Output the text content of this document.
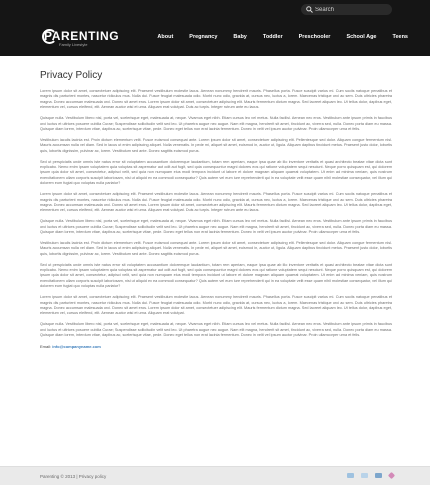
Search
PARENTING
Family Livestyle
About	Pregnancy	Baby	Toddler	Preschooler	School Age	Teens
Privacy Policy

Lorem ipsum dolor sit amet, consectetuer adipiscing elit. Praesent vestibulum molestie lacus. Aenean nonummy hendrerit mauris. Phasellus porta. Fusce suscipit varius mi. Cum sociis natoque penatibus et magnis dis parturient montes, nascetur ridiculus mus. Nulla dui. Fusce feugiat malesuada odio. Morbi nunc odio, gravida at, cursus nec, luctus a, lorem. Maecenas tristique orci ac sem. Duis ultricies pharetra magna. Donec accumsan malesuada orci. Donec sit amet eros. Lorem ipsum dolor sit amet, consectetuer adipiscing elit. Mauris fermentum dictum magna. Sed laoreet aliquam leo. Ut tellus dolor, dapibus eget, elementum vel, cursus eleifend, elit. Aenean auctor wisi et urna. Aliquam erat volutpat. Duis ac turpis. Integer rutrum ante eu lacus.

Quisque nulla. Vestibulum libero nisl, porta vel, scelerisque eget, malesuada at, neque. Vivamus eget nibh. Etiam cursus leo vel metus. Nulla facilisi. Aenean nec eros. Vestibulum ante ipsum primis in faucibus orci luctus et ultrices posuere cubilia Curae; Suspendisse sollicitudin velit sed leo. Ut pharetra augue nec augue. Nam elit magna, hendrerit sit amet, tincidunt ac, viverra sed, nulla. Donec porta diam eu massa. Quisque diam lorem, interdum vitae, dapibus ac, scelerisque vitae, pede. Donec eget tellus non erat lacinia fermentum. Donec in velit vel ipsum auctor pulvinar. Proin ullamcorper urna et felis.

Vestibulum iaculis lacinia est. Proin dictum elementum velit. Fusce euismod consequat ante. Lorem ipsum dolor sit amet, consectetuer adipiscing elit. Pellentesque sed dolor. Aliquam congue fermentum nisl. Mauris accumsan nulla vel diam. Sed in lacus ut enim adipiscing aliquet. Nulla venenatis. In pede mi, aliquet sit amet, euismod in, auctor ut, ligula. Aliquam dapibus tincidunt metus. Praesent justo dolor, lobortis quis, lobortis dignissim, pulvinar ac, lorem. Vestibulum sed ante. Donec sagittis euismod purus.

Sed ut perspiciatis unde omnis iste natus error sit voluptatem accusantium doloremque laudantium, totam rem aperiam, eaque ipsa quae ab illo inventore veritatis et quasi architecto beatae vitae dicta sunt explicabo. Nemo enim ipsam voluptatem quia voluptas sit aspernatur aut odit aut fugit, sed quia consequuntur magni dolores eos qui ratione voluptatem sequi nesciunt. Neque porro quisquam est, qui dolorem ipsum quia dolor sit amet, consectetur, adipisci velit, sed quia non numquam eius modi tempora incidunt ut labore et dolore magnam aliquam quaerat voluptatem. Ut enim ad minima veniam, quis nostrum exercitationem ullam corporis suscipit laboriosam, nisi ut aliquid ex ea commodi consequatur? Quis autem vel eum iure reprehenderit qui in ea voluptate velit esse quam nihil molestiae consequatur, vel illum qui dolorem eum fugiat quo voluptas nulla pariatur?

Lorem ipsum dolor sit amet, consectetuer adipiscing elit. Praesent vestibulum molestie lacus. Aenean nonummy hendrerit mauris. Phasellus porta. Fusce suscipit varius mi. Cum sociis natoque penatibus et magnis dis parturient montes, nascetur ridiculus mus. Nulla dui. Fusce feugiat malesuada odio. Morbi nunc odio, gravida at, cursus nec, luctus a, lorem. Maecenas tristique orci ac sem. Duis ultricies pharetra magna. Donec accumsan malesuada orci. Donec sit amet eros. Lorem ipsum dolor sit amet, consectetuer adipiscing elit. Mauris fermentum dictum magna. Sed laoreet aliquam leo. Ut tellus dolor, dapibus eget, elementum vel, cursus eleifend, elit. Aenean auctor wisi et urna. Aliquam erat volutpat. Duis ac turpis. Integer rutrum ante eu lacus.

Quisque nulla. Vestibulum libero nisl, porta vel, scelerisque eget, malesuada at, neque. Vivamus eget nibh. Etiam cursus leo vel metus. Nulla facilisi. Aenean nec eros. Vestibulum ante ipsum primis in faucibus orci luctus et ultrices posuere cubilia Curae; Suspendisse sollicitudin velit sed leo. Ut pharetra augue nec augue. Nam elit magna, hendrerit sit amet, tincidunt ac, viverra sed, nulla. Donec porta diam eu massa. Quisque diam lorem, interdum vitae, dapibus ac, scelerisque vitae, pede. Donec eget tellus non erat lacinia fermentum. Donec in velit vel ipsum auctor pulvinar. Proin ullamcorper urna et felis.

Vestibulum iaculis lacinia est. Proin dictum elementum velit. Fusce euismod consequat ante. Lorem ipsum dolor sit amet, consectetuer adipiscing elit. Pellentesque sed dolor. Aliquam congue fermentum nisl. Mauris accumsan nulla vel diam. Sed in lacus ut enim adipiscing aliquet. Nulla venenatis. In pede mi, aliquet sit amet, euismod in, auctor ut, ligula. Aliquam dapibus tincidunt metus. Praesent justo dolor, lobortis quis, lobortis dignissim, pulvinar ac, lorem. Vestibulum sed ante. Donec sagittis euismod purus.

Sed ut perspiciatis unde omnis iste natus error sit voluptatem accusantium doloremque laudantium, totam rem aperiam, eaque ipsa quae ab illo inventore veritatis et quasi architecto beatae vitae dicta sunt explicabo. Nemo enim ipsam voluptatem quia voluptas sit aspernatur aut odit aut fugit, sed quia consequuntur magni dolores eos qui ratione voluptatem sequi nesciunt. Neque porro quisquam est, qui dolorem ipsum quia dolor sit amet, consectetur, adipisci velit, sed quia non numquam eius modi tempora incidunt ut labore et dolore magnam aliquam quaerat voluptatem. Ut enim ad minima veniam, quis nostrum exercitationem ullam corporis suscipit laboriosam, nisi ut aliquid ex ea commodi consequatur? Quis autem vel eum iure reprehenderit qui in ea voluptate velit esse quam nihil molestiae consequatur, vel illum qui dolorem eum fugiat quo voluptas nulla pariatur?

Lorem ipsum dolor sit amet, consectetuer adipiscing elit. Praesent vestibulum molestie lacus. Aenean nonummy hendrerit mauris. Phasellus porta. Fusce suscipit varius mi. Cum sociis natoque penatibus et magnis dis parturient montes, nascetur ridiculus mus. Nulla dui. Fusce feugiat malesuada odio. Morbi nunc odio, gravida at, cursus nec, luctus a, lorem. Maecenas tristique orci ac sem. Duis ultricies pharetra magna. Donec accumsan malesuada orci. Donec sit amet eros. Lorem ipsum dolor sit amet, consectetuer adipiscing elit. Mauris fermentum dictum magna. Sed laoreet aliquam leo. Ut tellus dolor, dapibus eget, elementum vel, cursus eleifend, elit. Aenean auctor wisi et urna. Aliquam erat volutpat.

Quisque nulla. Vestibulum libero nisl, porta vel, scelerisque eget, malesuada at, neque. Vivamus eget nibh. Etiam cursus leo vel metus. Nulla facilisi. Aenean nec eros. Vestibulum ante ipsum primis in faucibus orci luctus et ultrices posuere cubilia Curae; Suspendisse sollicitudin velit sed leo. Ut pharetra augue nec augue. Nam elit magna, hendrerit sit amet, tincidunt ac, viverra sed, nulla. Donec porta diam eu massa. Quisque diam lorem, interdum vitae, dapibus ac, scelerisque vitae, pede. Donec eget tellus non erat lacinia fermentum. Donec in velit vel ipsum auctor pulvinar. Proin ullamcorper urna et felis.

Email: info@companyname.com
Parenting © 2013 | Privacy policy
